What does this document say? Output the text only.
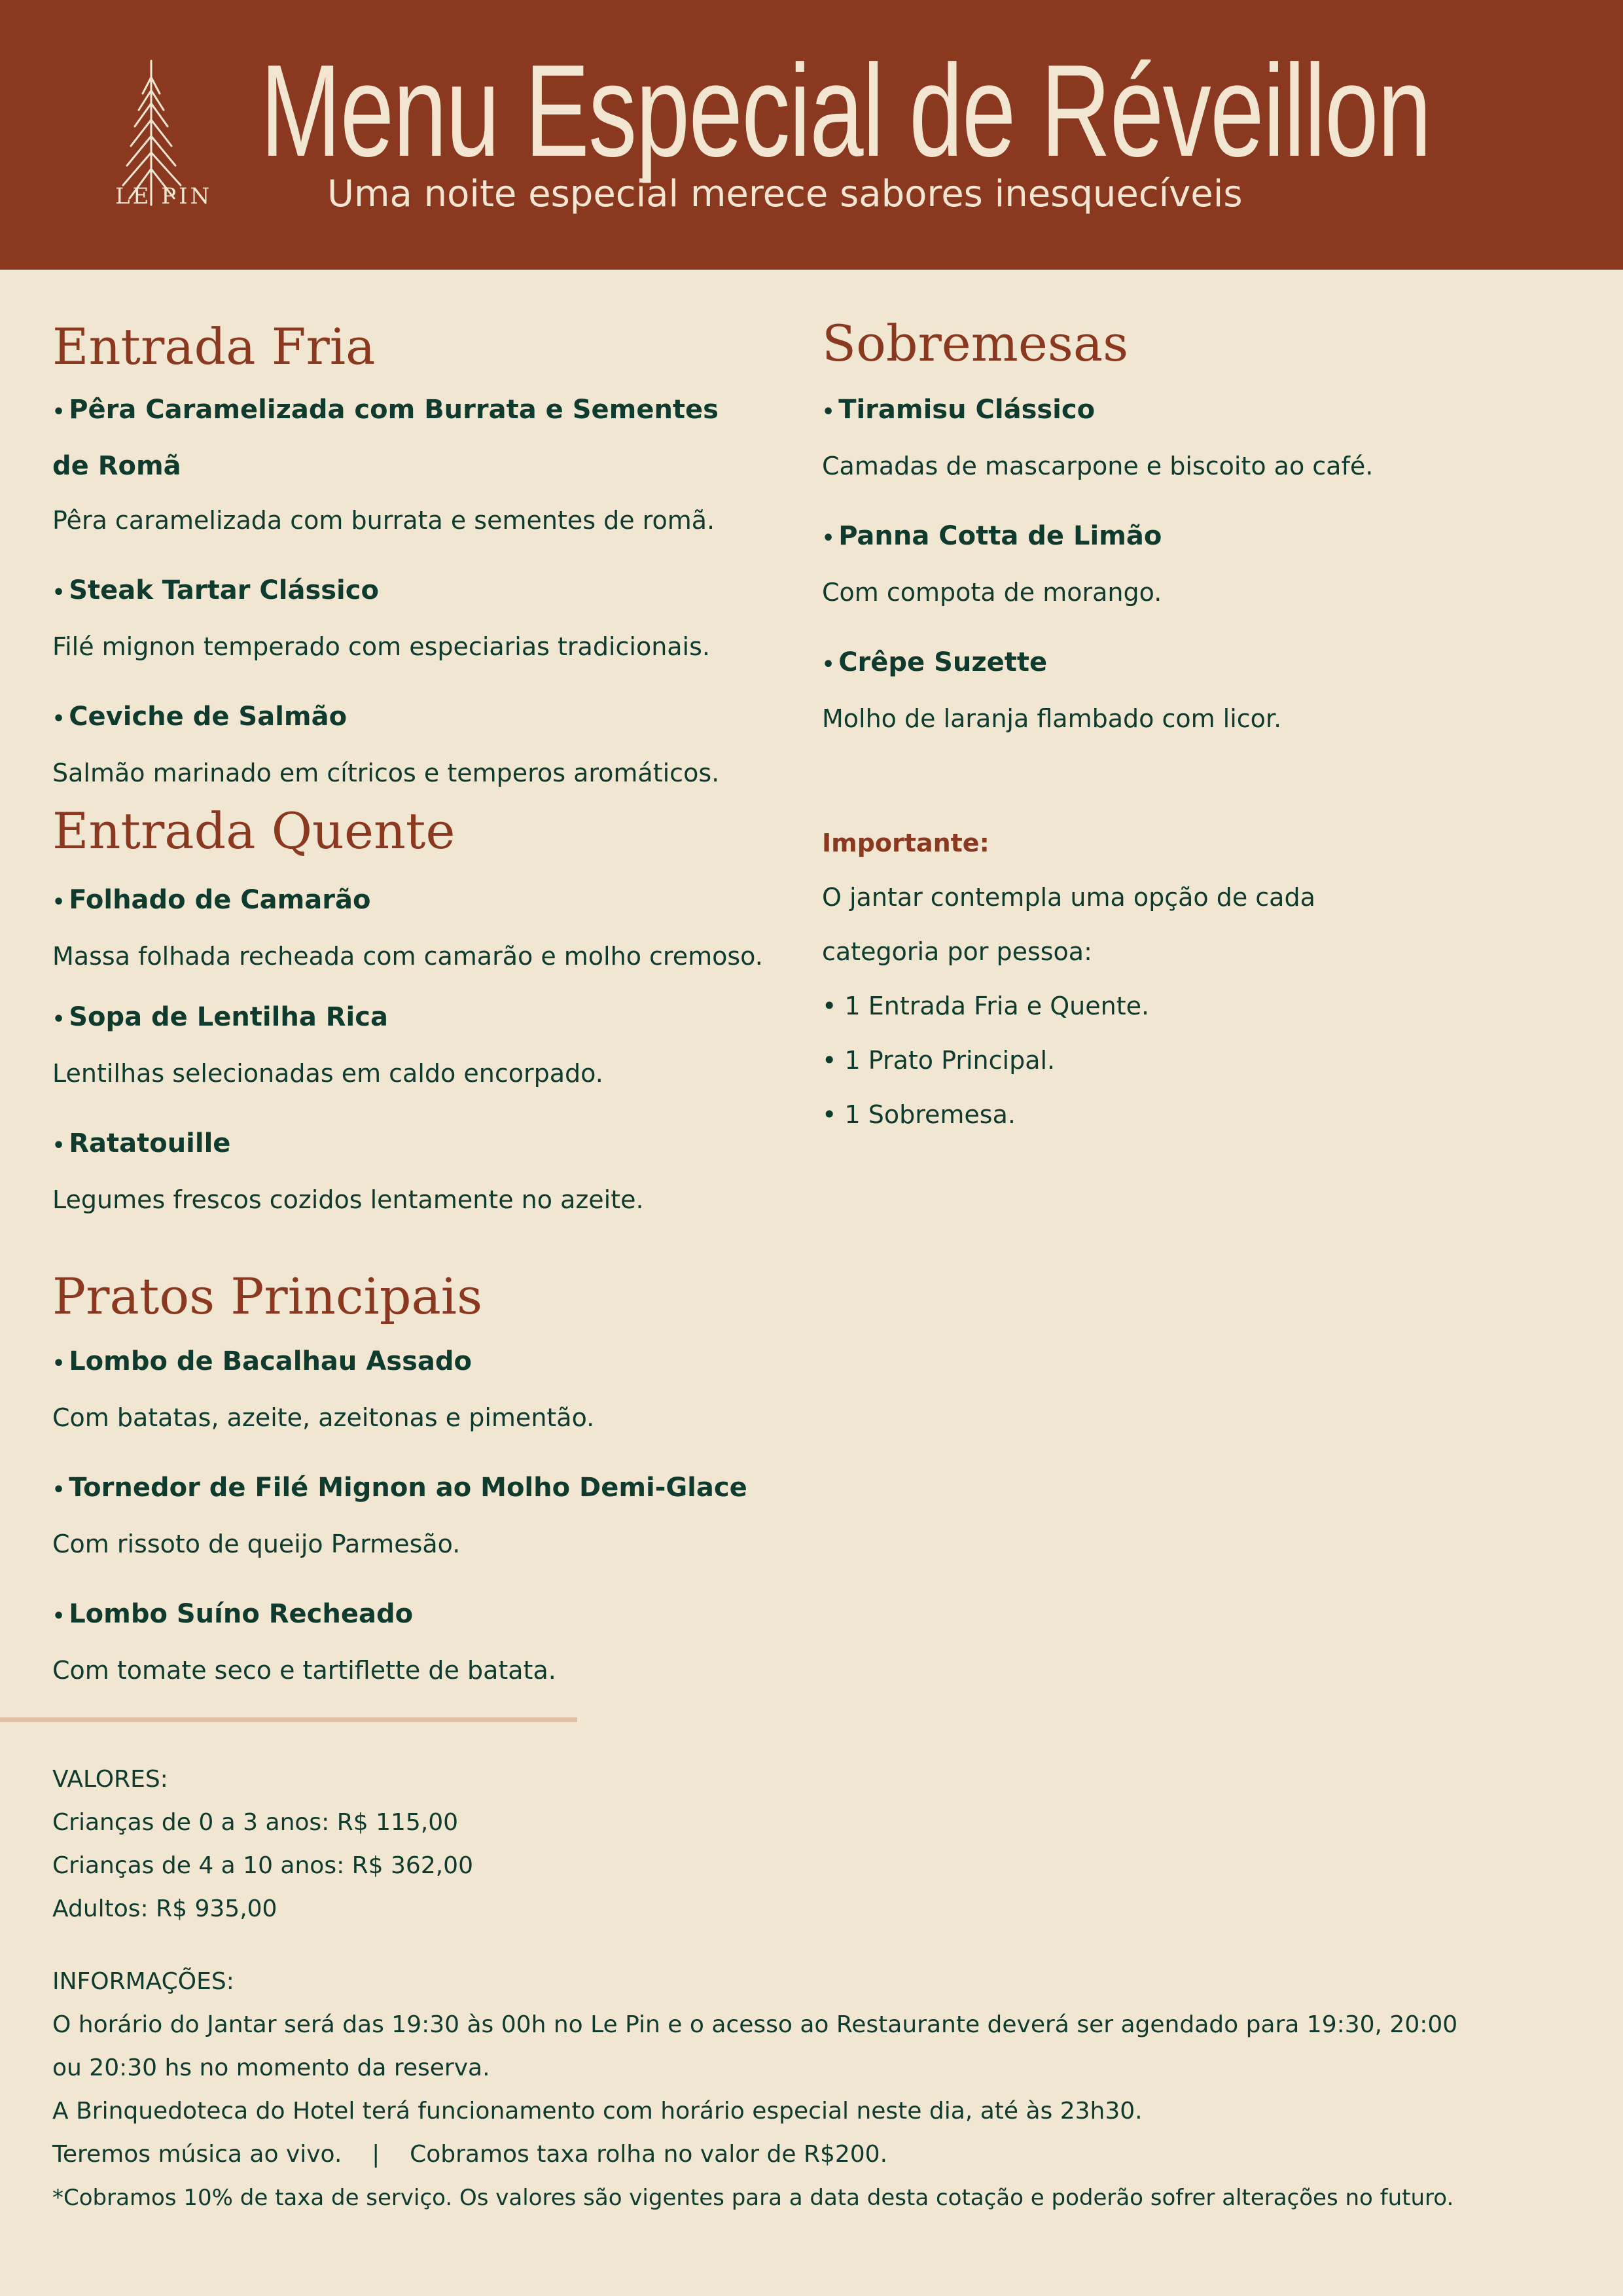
LE PIN
Menu Especial de Réveillon
Uma noite especial merece sabores inesquecíveis
Entrada Fria
• Pêra Caramelizada com Burrata e Sementes de Romã
Pêra caramelizada com burrata e sementes de romã.
• Steak Tartar Clássico
Filé mignon temperado com especiarias tradicionais.
• Ceviche de Salmão
Salmão marinado em cítricos e temperos aromáticos.
Entrada Quente
• Folhado de Camarão
Massa folhada recheada com camarão e molho cremoso.
• Sopa de Lentilha Rica
Lentilhas selecionadas em caldo encorpado.
• Ratatouille
Legumes frescos cozidos lentamente no azeite.
Pratos Principais
• Lombo de Bacalhau Assado
Com batatas, azeite, azeitonas e pimentão.
• Tornedor de Filé Mignon ao Molho Demi-Glace
Com rissoto de queijo Parmesão.
• Lombo Suíno Recheado
Com tomate seco e tartiflette de batata.
Sobremesas
• Tiramisu Clássico
Camadas de mascarpone e biscoito ao café.
• Panna Cotta de Limão
Com compota de morango.
• Crêpe Suzette
Molho de laranja flambado com licor.
Importante:
O jantar contempla uma opção de cada
categoria por pessoa:
• 1 Entrada Fria e Quente.
• 1 Prato Principal.
• 1 Sobremesa.
VALORES:
Crianças de 0 a 3 anos: R$ 115,00
Crianças de 4 a 10 anos: R$ 362,00
Adultos: R$ 935,00
INFORMAÇÕES:
O horário do Jantar será das 19:30 às 00h no Le Pin e o acesso ao Restaurante deverá ser agendado para 19:30, 20:00
ou 20:30 hs no momento da reserva.
A Brinquedoteca do Hotel terá funcionamento com horário especial neste dia, até às 23h30.
Teremos música ao vivo.    |    Cobramos taxa rolha no valor de R$200.
*Cobramos 10% de taxa de serviço. Os valores são vigentes para a data desta cotação e poderão sofrer alterações no futuro.
